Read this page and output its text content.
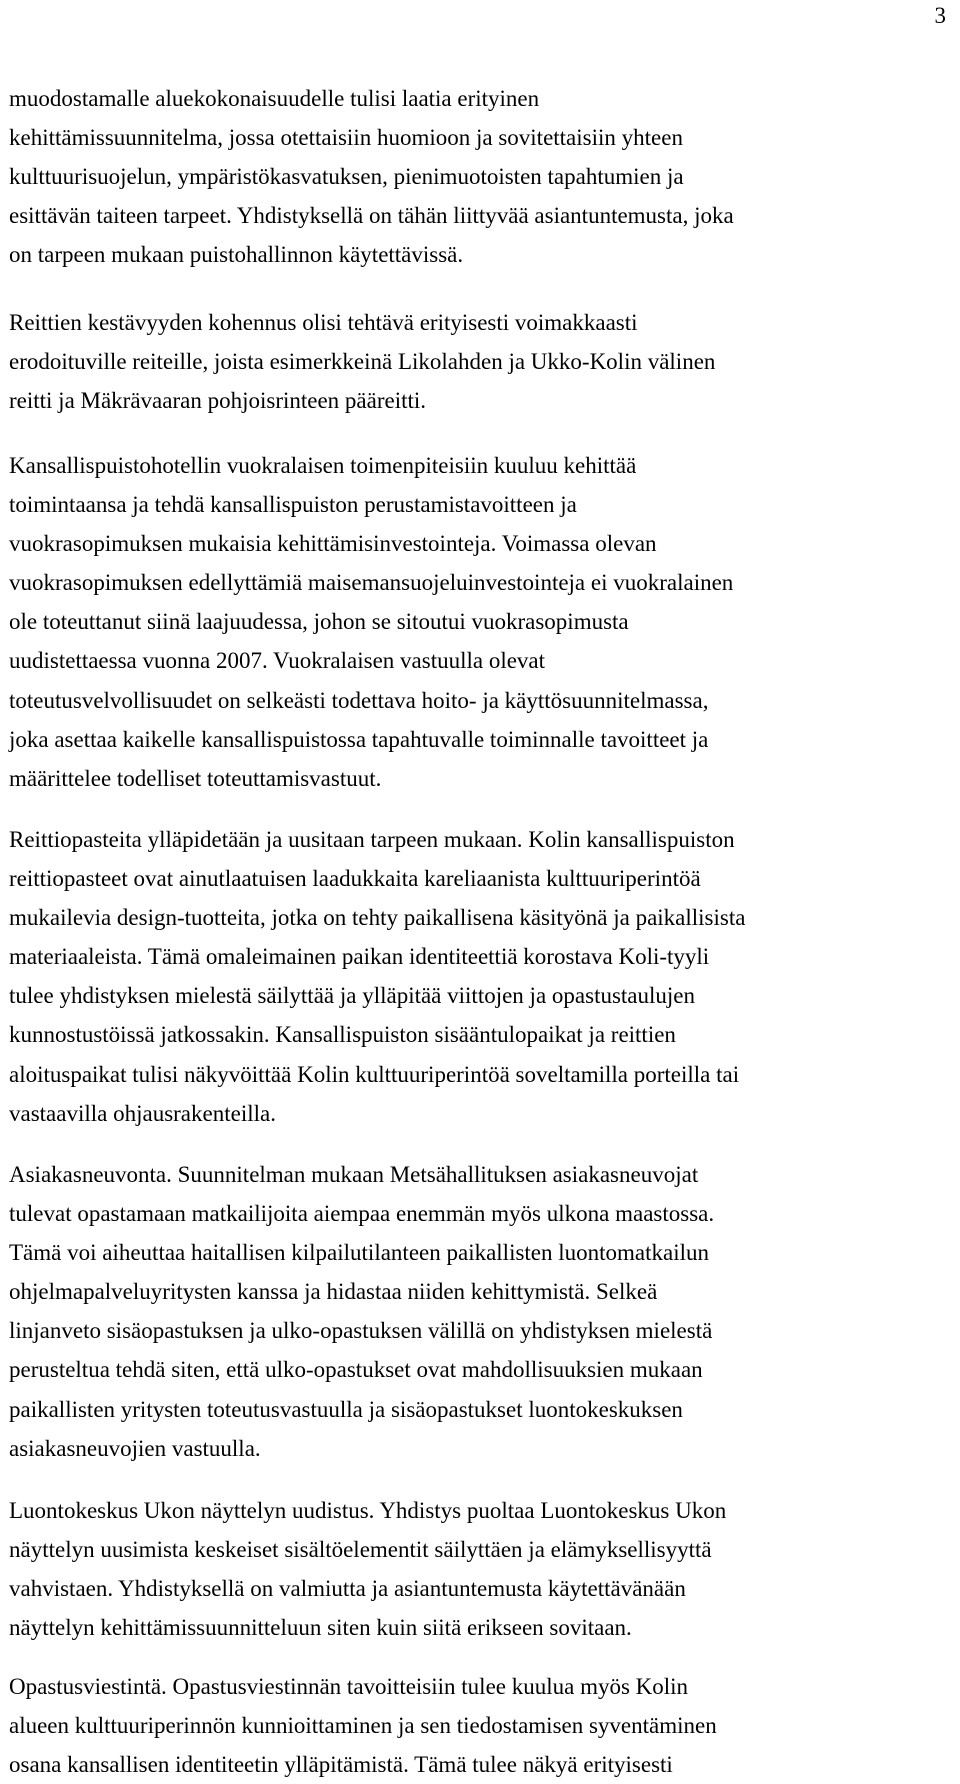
3

muodostamalle aluekokonaisuudelle tulisi laatia erityinen
kehittämissuunnitelma, jossa otettaisiin huomioon ja sovitettaisiin yhteen
kulttuurisuojelun, ympäristökasvatuksen, pienimuotoisten tapahtumien ja
esittävän taiteen tarpeet. Yhdistyksellä on tähän liittyvää asiantuntemusta, joka
on tarpeen mukaan puistohallinnon käytettävissä.

Reittien kestävyyden kohennus olisi tehtävä erityisesti voimakkaasti
erodoituville reiteille, joista esimerkkeinä Likolahden ja Ukko-Kolin välinen
reitti ja Mäkrävaaran pohjoisrinteen pääreitti.

Kansallispuistohotellin vuokralaisen toimenpiteisiin kuuluu kehittää
toimintaansa ja tehdä kansallispuiston perustamistavoitteen ja
vuokrasopimuksen mukaisia kehittämisinvestointeja. Voimassa olevan
vuokrasopimuksen edellyttämiä maisemansuojeluinvestointeja ei vuokralainen
ole toteuttanut siinä laajuudessa, johon se sitoutui vuokrasopimusta
uudistettaessa vuonna 2007. Vuokralaisen vastuulla olevat
toteutusvelvollisuudet on selkeästi todettava hoito- ja käyttösuunnitelmassa,
joka asettaa kaikelle kansallispuistossa tapahtuvalle toiminnalle tavoitteet ja
määrittelee todelliset toteuttamisvastuut.

Reittiopasteita ylläpidetään ja uusitaan tarpeen mukaan. Kolin kansallispuiston
reittiopasteet ovat ainutlaatuisen laadukkaita kareliaanista kulttuuriperintöä
mukailevia design-tuotteita, jotka on tehty paikallisena käsityönä ja paikallisista
materiaaleista. Tämä omaleimainen paikan identiteettiä korostava Koli-tyyli
tulee yhdistyksen mielestä säilyttää ja ylläpitää viittojen ja opastustaulujen
kunnostustöissä jatkossakin. Kansallispuiston sisääntulopaikat ja reittien
aloituspaikat tulisi näkyvöittää Kolin kulttuuriperintöä soveltamilla porteilla tai
vastaavilla ohjausrakenteilla.

Asiakasneuvonta. Suunnitelman mukaan Metsähallituksen asiakasneuvojat
tulevat opastamaan matkailijoita aiempaa enemmän myös ulkona maastossa.
Tämä voi aiheuttaa haitallisen kilpailutilanteen paikallisten luontomatkailun
ohjelmapalveluyritysten kanssa ja hidastaa niiden kehittymistä. Selkeä
linjanveto sisäopastuksen ja ulko-opastuksen välillä on yhdistyksen mielestä
perusteltua tehdä siten, että ulko-opastukset ovat mahdollisuuksien mukaan
paikallisten yritysten toteutusvastuulla ja sisäopastukset luontokeskuksen
asiakasneuvojien vastuulla.

Luontokeskus Ukon näyttelyn uudistus. Yhdistys puoltaa Luontokeskus Ukon
näyttelyn uusimista keskeiset sisältöelementit säilyttäen ja elämyksellisyyttä
vahvistaen. Yhdistyksellä on valmiutta ja asiantuntemusta käytettävänään
näyttelyn kehittämissuunnitteluun siten kuin siitä erikseen sovitaan.

Opastusviestintä. Opastusviestinnän tavoitteisiin tulee kuulua myös Kolin
alueen kulttuuriperinnön kunnioittaminen ja sen tiedostamisen syventäminen
osana kansallisen identiteetin ylläpitämistä. Tämä tulee näkyä erityisesti
